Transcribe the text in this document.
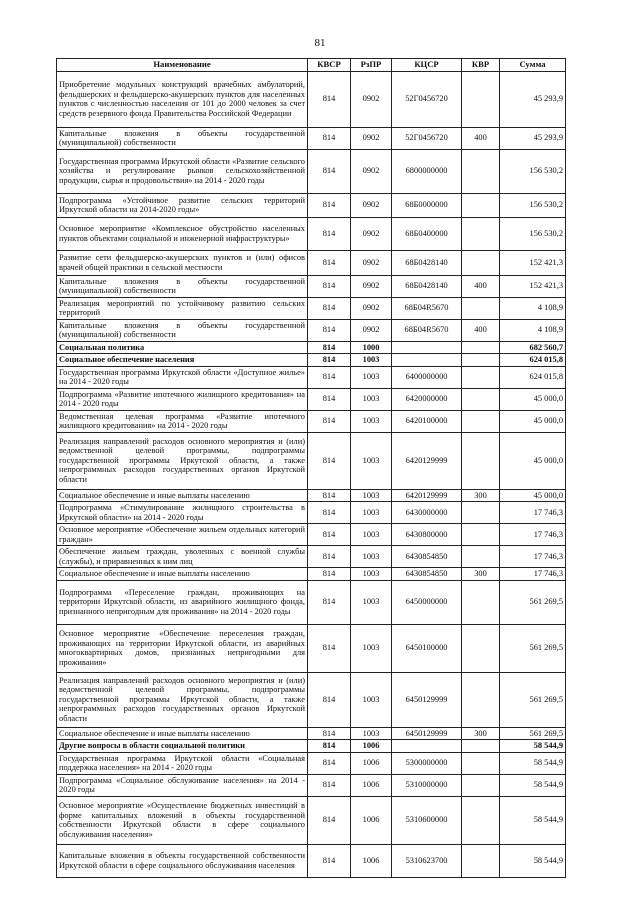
81
Наименование	КВСР	РзПР	КЦСР	КВР	Сумма
Приобретение модульных конструкций врачебных амбулаторий, фельдшерских и фельдшерско-акушерских пунктов для населенных пунктов с численностью населения от 101 до 2000 человек за счет средств резервного фонда Правительства Российской Федерации	814	0902	52Г0456720		45 293,9
Капитальные вложения в объекты государственной (муниципальной) собственности	814	0902	52Г0456720	400	45 293,9
Государственная программа Иркутской области «Развитие сельского хозяйства и регулирование рынков сельскохозяйственной продукции, сырья и продовольствия» на 2014 - 2020 годы	814	0902	6800000000		156 530,2
Подпрограмма «Устойчивое развитие сельских территорий Иркутской области на 2014-2020 годы»	814	0902	68Б0000000		156 530,2
Основное мероприятие «Комплексное обустройство населенных пунктов объектами социальной и инженерной инфраструктуры»	814	0902	68Б0400000		156 530,2
Развитие сети фельдшерско-акушерских пунктов и (или) офисов врачей общей практики в сельской местности	814	0902	68Б0428140		152 421,3
Капитальные вложения в объекты государственной (муниципальной) собственности	814	0902	68Б0428140	400	152 421,3
Реализация мероприятий по устойчивому развитию сельских территорий	814	0902	68Б04R5670		4 108,9
Капитальные вложения в объекты государственной (муниципальной) собственности	814	0902	68Б04R5670	400	4 108,9
Социальная политика	814	1000			682 560,7
Социальное обеспечение населения	814	1003			624 015,8
Государственная программа Иркутской области «Доступное жилье» на 2014 - 2020 годы	814	1003	6400000000		624 015,8
Подпрограмма «Развитие ипотечного жилищного кредитования» на 2014 - 2020 годы	814	1003	6420000000		45 000,0
Ведомственная целевая программа «Развитие ипотечного жилищного кредитования» на 2014 - 2020 годы	814	1003	6420100000		45 000,0
Реализация направлений расходов основного мероприятия и (или) ведомственной целевой программы, подпрограммы государственной программы Иркутской области, а также непрограммных расходов государственных органов Иркутской области	814	1003	6420129999		45 000,0
Социальное обеспечение и иные выплаты населению	814	1003	6420129999	300	45 000,0
Подпрограмма «Стимулирование жилищного строительства в Иркутской области» на 2014 - 2020 годы	814	1003	6430000000		17 746,3
Основное мероприятие «Обеспечение жильем отдельных категорий граждан»	814	1003	6430800000		17 746,3
Обеспечение жильем граждан, уволенных с военной службы (службы), и приравненных к ним лиц	814	1003	6430854850		17 746,3
Социальное обеспечение и иные выплаты населению	814	1003	6430854850	300	17 746,3
Подпрограмма «Переселение граждан, проживающих на территории Иркутской области, из аварийного жилищного фонда, признанного непригодным для проживания» на 2014 - 2020 годы	814	1003	6450000000		561 269,5
Основное мероприятие «Обеспечение переселения граждан, проживающих на территории Иркутской области, из аварийных многоквартирных домов, признанных непригодными для проживания»	814	1003	6450100000		561 269,5
Реализация направлений расходов основного мероприятия и (или) ведомственной целевой программы, подпрограммы государственной программы Иркутской области, а также непрограммных расходов государственных органов Иркутской области	814	1003	6450129999		561 269,5
Социальное обеспечение и иные выплаты населению	814	1003	6450129999	300	561 269,5
Другие вопросы в области социальной политики	814	1006			58 544,9
Государственная программа Иркутской области «Социальная поддержка населения» на 2014 - 2020 годы	814	1006	5300000000		58 544,9
Подпрограмма «Социальное обслуживание населения» на 2014 - 2020 годы	814	1006	5310000000		58 544,9
Основное мероприятие «Осуществление бюджетных инвестиций в форме капитальных вложений в объекты государственной собственности Иркутской области в сфере социального обслуживания населения»	814	1006	5310600000		58 544,9
Капитальные вложения в объекты государственной собственности Иркутской области в сфере социального обслуживания населения	814	1006	5310623700		58 544,9
